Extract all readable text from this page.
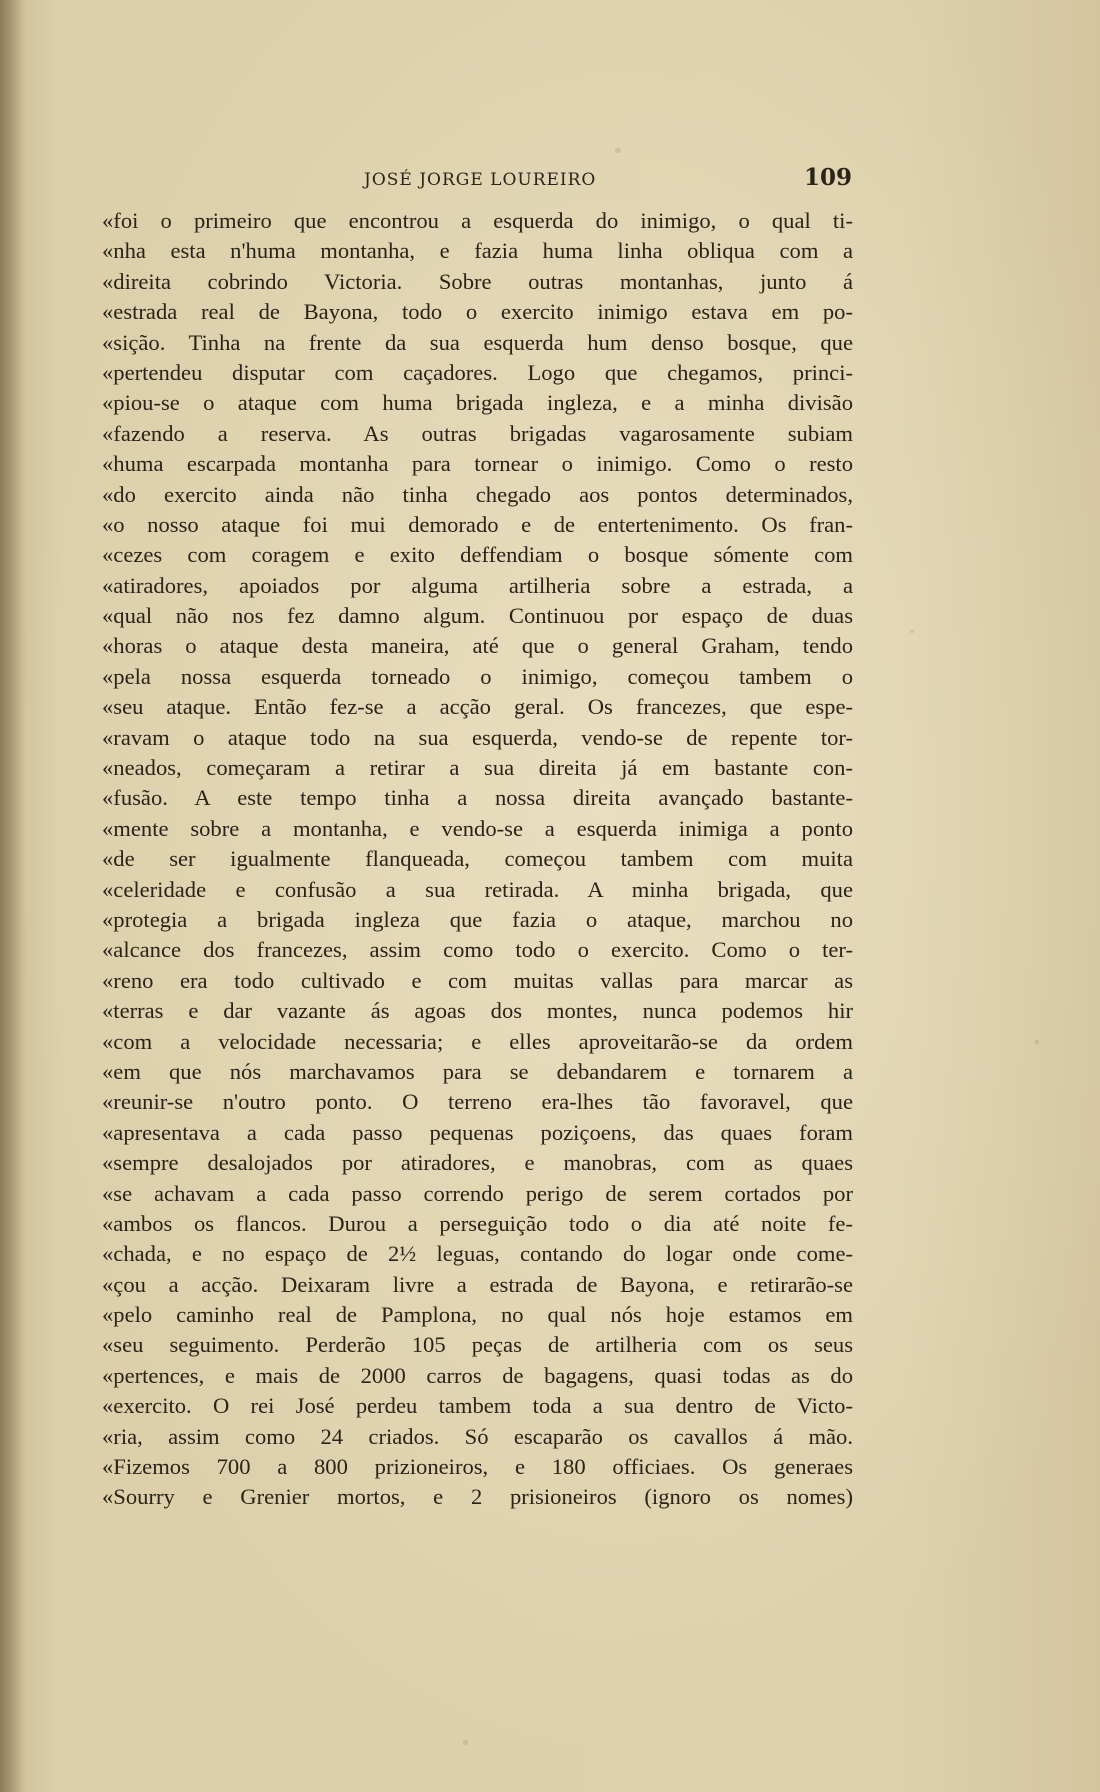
JOSÉ JORGE LOUREIRO	109
«foi o primeiro que encontrou a esquerda do inimigo, o qual ti-
«nha esta n'huma montanha, e fazia huma linha obliqua com a
«direita cobrindo Victoria. Sobre outras montanhas, junto á
«estrada real de Bayona, todo o exercito inimigo estava em po-
«sição. Tinha na frente da sua esquerda hum denso bosque, que
«pertendeu disputar com caçadores. Logo que chegamos, princi-
«piou-se o ataque com huma brigada ingleza, e a minha divisão
«fazendo a reserva. As outras brigadas vagarosamente subiam
«huma escarpada montanha para tornear o inimigo. Como o resto
«do exercito ainda não tinha chegado aos pontos determinados,
«o nosso ataque foi mui demorado e de entertenimento. Os fran-
«cezes com coragem e exito deffendiam o bosque sómente com
«atiradores, apoiados por alguma artilheria sobre a estrada, a
«qual não nos fez damno algum. Continuou por espaço de duas
«horas o ataque desta maneira, até que o general Graham, tendo
«pela nossa esquerda torneado o inimigo, começou tambem o
«seu ataque. Então fez-se a acção geral. Os francezes, que espe-
«ravam o ataque todo na sua esquerda, vendo-se de repente tor-
«neados, começaram a retirar a sua direita já em bastante con-
«fusão. A este tempo tinha a nossa direita avançado bastante-
«mente sobre a montanha, e vendo-se a esquerda inimiga a ponto
«de ser igualmente flanqueada, começou tambem com muita
«celeridade e confusão a sua retirada. A minha brigada, que
«protegia a brigada ingleza que fazia o ataque, marchou no
«alcance dos francezes, assim como todo o exercito. Como o ter-
«reno era todo cultivado e com muitas vallas para marcar as
«terras e dar vazante ás agoas dos montes, nunca podemos hir
«com a velocidade necessaria; e elles aproveitarão-se da ordem
«em que nós marchavamos para se debandarem e tornarem a
«reunir-se n'outro ponto. O terreno era-lhes tão favoravel, que
«apresentava a cada passo pequenas poziçoens, das quaes foram
«sempre desalojados por atiradores, e manobras, com as quaes
«se achavam a cada passo correndo perigo de serem cortados por
«ambos os flancos. Durou a perseguição todo o dia até noite fe-
«chada, e no espaço de 2½ leguas, contando do logar onde come-
«çou a acção. Deixaram livre a estrada de Bayona, e retirarão-se
«pelo caminho real de Pamplona, no qual nós hoje estamos em
«seu seguimento. Perderão 105 peças de artilheria com os seus
«pertences, e mais de 2000 carros de bagagens, quasi todas as do
«exercito. O rei José perdeu tambem toda a sua dentro de Victo-
«ria, assim como 24 criados. Só escaparão os cavallos á mão.
«Fizemos 700 a 800 prizioneiros, e 180 officiaes. Os generaes
«Sourry e Grenier mortos, e 2 prisioneiros (ignoro os nomes)
